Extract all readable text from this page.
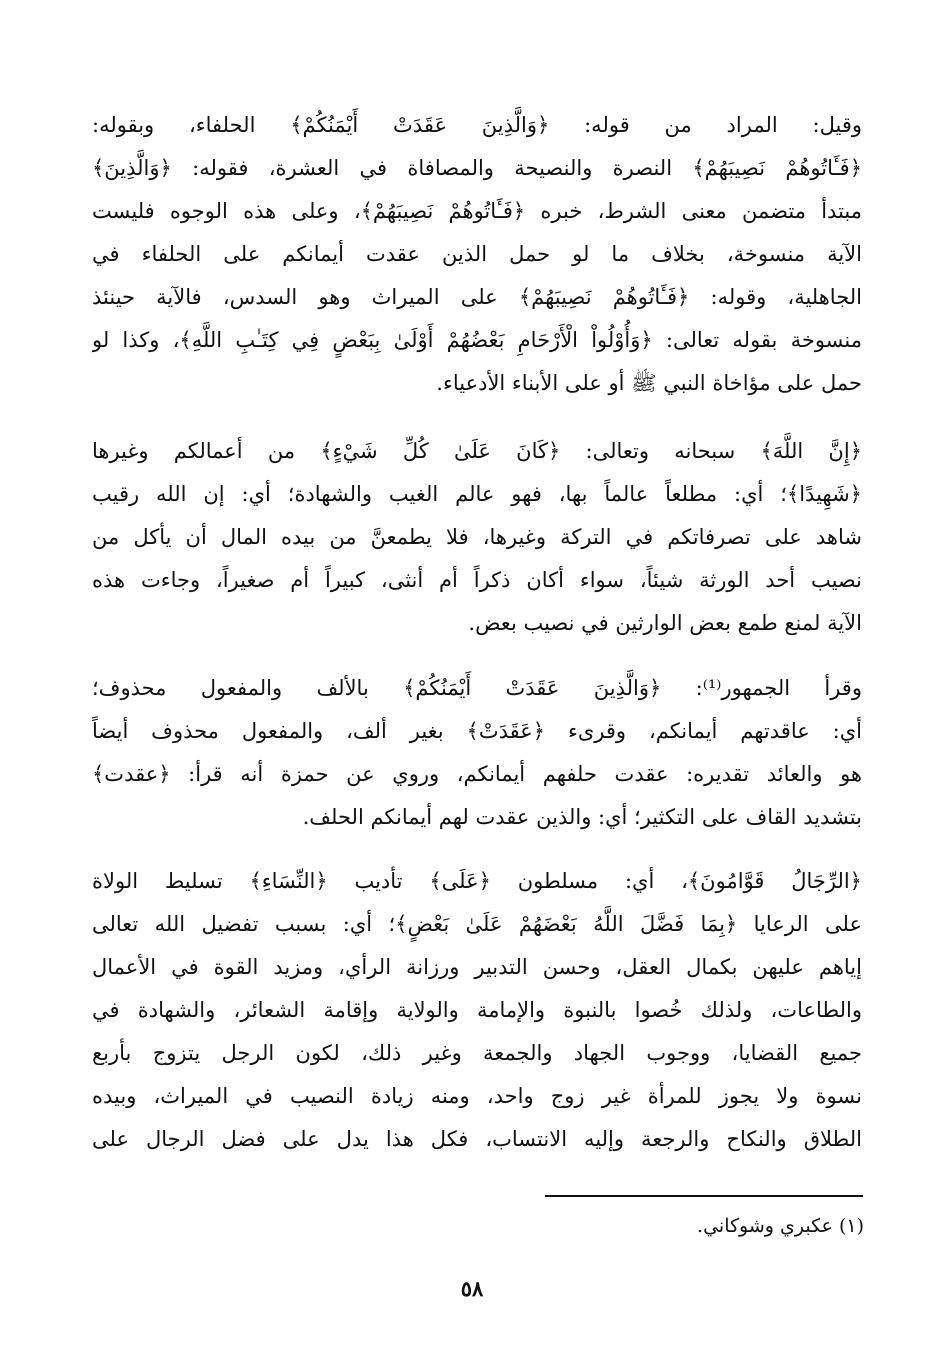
وقيل: المراد من قوله: ﴿وَالَّذِينَ عَقَدَتْ أَيْمَنُكُمْ﴾ الحلفاء، وبقوله:
﴿فَـَٔاتُوهُمْ نَصِيبَهُمْ﴾ النصرة والنصيحة والمصافاة في العشرة، فقوله: ﴿وَالَّذِينَ﴾
مبتدأ متضمن معنى الشرط، خبره ﴿فَـَٔاتُوهُمْ نَصِيبَهُمْ﴾، وعلى هذه الوجوه فليست
الآية منسوخة، بخلاف ما لو حمل الذين عقدت أيمانكم على الحلفاء في
الجاهلية، وقوله: ﴿فَـَٔاتُوهُمْ نَصِيبَهُمْ﴾ على الميراث وهو السدس، فالآية حينئذ
منسوخة بقوله تعالى: ﴿وَأُوْلُواْ الْأَرْحَامِ بَعْضُهُمْ أَوْلَىٰ بِبَعْضٍ فِي كِتَـٰبِ اللَّهِ﴾، وكذا لو
حمل على مؤاخاة النبي ﷺ أو على الأبناء الأدعياء.
﴿إِنَّ اللَّهَ﴾ سبحانه وتعالى: ﴿كَانَ عَلَىٰ كُلِّ شَيْءٍ﴾ من أعمالكم وغيرها
﴿شَهِيدًا﴾؛ أي: مطلعاً عالماً بها، فهو عالم الغيب والشهادة؛ أي: إن الله رقيب
شاهد على تصرفاتكم في التركة وغيرها، فلا يطمعنَّ من بيده المال أن يأكل من
نصيب أحد الورثة شيئاً، سواء أكان ذكراً أم أنثى، كبيراً أم صغيراً، وجاءت هذه
الآية لمنع طمع بعض الوارثين في نصيب بعض.
وقرأ الجمهور⁽¹⁾: ﴿وَالَّذِينَ عَقَدَتْ أَيْمَنُكُمْ﴾ بالألف والمفعول محذوف؛
أي: عاقدتهم أيمانكم، وقرىء ﴿عَقَدَتْ﴾ بغير ألف، والمفعول محذوف أيضاً
هو والعائد تقديره: عقدت حلفهم أيمانكم، وروي عن حمزة أنه قرأ: ﴿عقدت﴾
بتشديد القاف على التكثير؛ أي: والذين عقدت لهم أيمانكم الحلف.
﴿الرِّجَالُ قَوَّامُونَ﴾، أي: مسلطون ﴿عَلَى﴾ تأديب ﴿النِّسَاءِ﴾ تسليط الولاة
على الرعايا ﴿بِمَا فَضَّلَ اللَّهُ بَعْضَهُمْ عَلَىٰ بَعْضٍ﴾؛ أي: بسبب تفضيل الله تعالى
إياهم عليهن بكمال العقل، وحسن التدبير ورزانة الرأي، ومزيد القوة في الأعمال
والطاعات، ولذلك خُصوا بالنبوة والإمامة والولاية وإقامة الشعائر، والشهادة في
جميع القضايا، ووجوب الجهاد والجمعة وغير ذلك، لكون الرجل يتزوج بأربع
نسوة ولا يجوز للمرأة غير زوج واحد، ومنه زيادة النصيب في الميراث، وبيده
الطلاق والنكاح والرجعة وإليه الانتساب، فكل هذا يدل على فضل الرجال على
(١) عكبري وشوكاني.
٥٨
